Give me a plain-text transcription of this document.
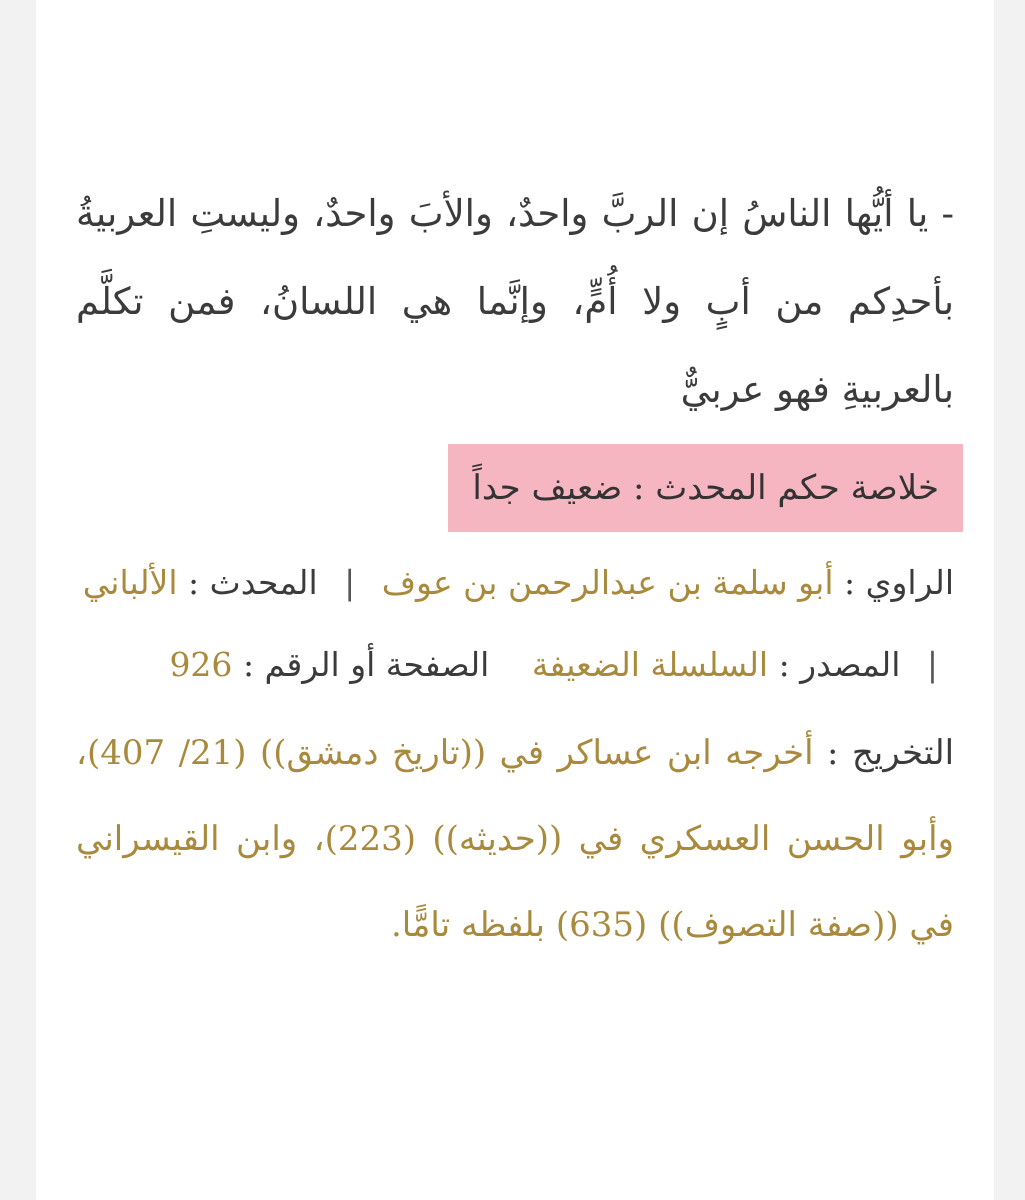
- يا أيُّها الناسُ إن الربَّ واحدٌ، والأبَ واحدٌ، وليستِ العربيةُ بأحدِكم من أبٍ ولا أُمٍّ، وإنَّما هي اللسانُ، فمن تكلَّم بالعربيةِ فهو عربيٌّ

خلاصة حكم المحدث : ضعيف جداً
الراوي : أبو سلمة بن عبدالرحمن بن عوف | المحدث : الألباني | المصدر : السلسلة الضعيفة الصفحة أو الرقم : 926
التخريج : أخرجه ابن عساكر في ((تاريخ دمشق)) (21/ 407)، وأبو الحسن العسكري في ((حديثه)) (223)، وابن القيسراني في ((صفة التصوف)) (635) بلفظه تامًّا.
